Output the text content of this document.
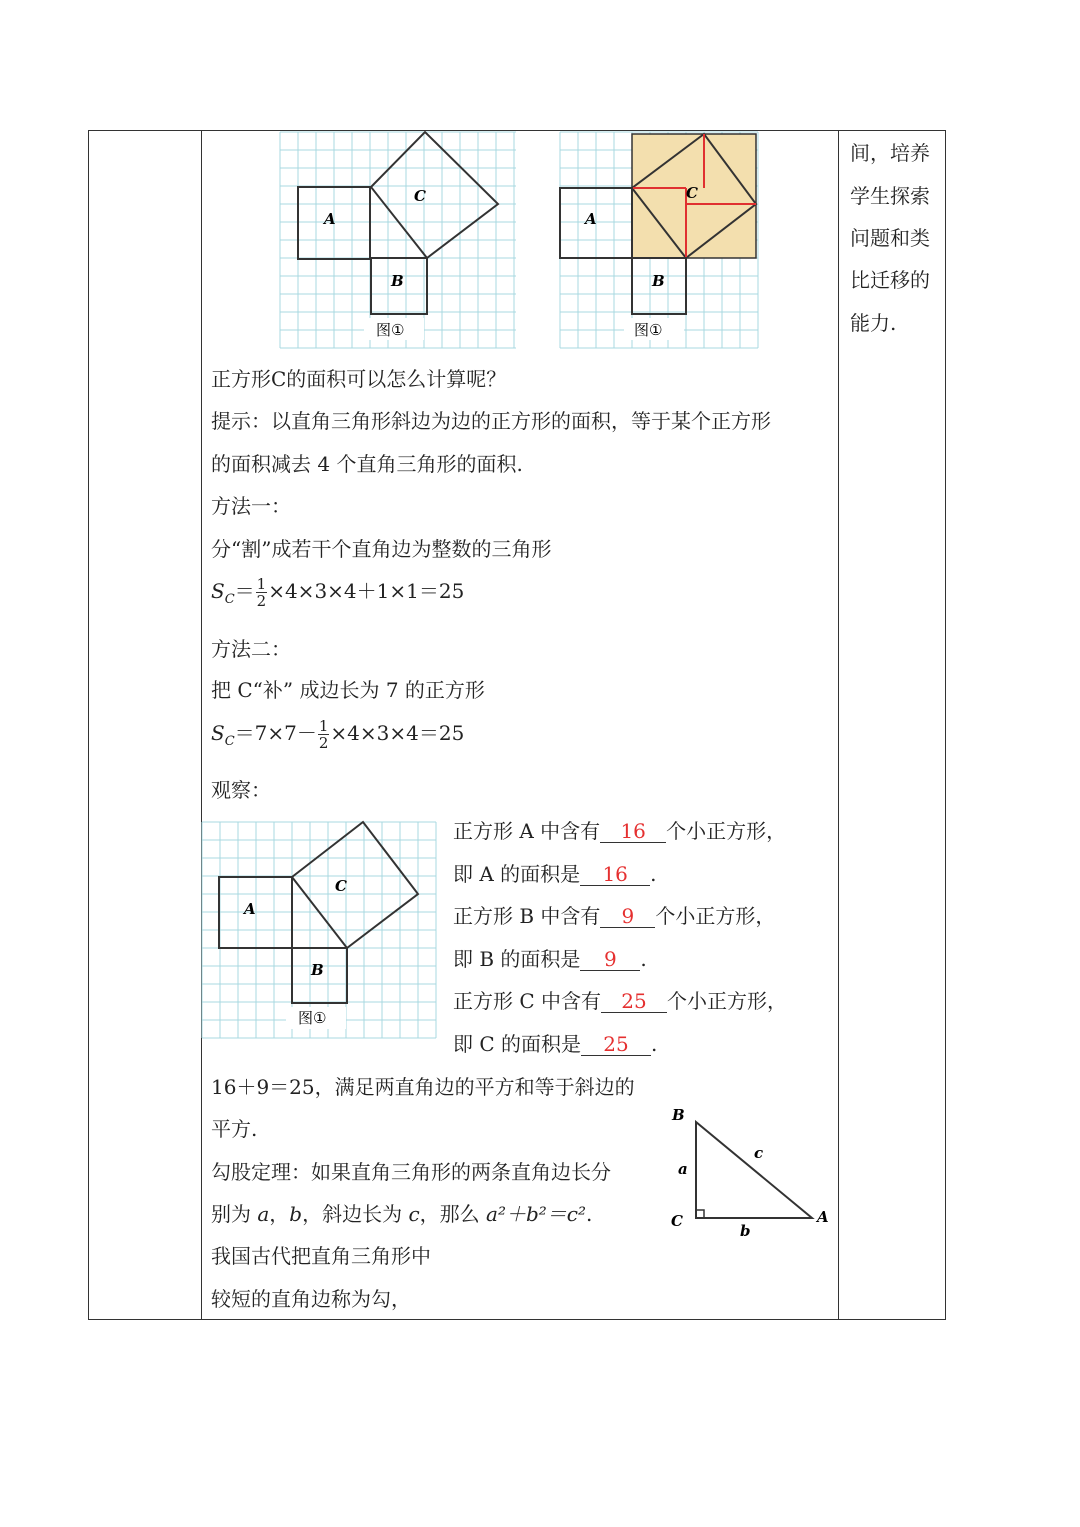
间，培养
学生探索
问题和类
比迁移的
能力.
A
C
B
图①
A
C
B
图①
正方形C的面积可以怎么计算呢？
提示：以直角三角形斜边为边的正方形的面积，等于某个正方形
的面积减去 4 个直角三角形的面积.
方法一：
分“割”成若干个直角边为整数的三角形
$S_C= \frac{1}{2} \times 4\times 3\times 4+1\times 1=25$
方法二：
把 C“补” 成边长为 7 的正方形
$S_C=7\times 7- \frac{1}{2} \times 4\times 3\times 4=25$
观察：
A
C
B
图①
正方形 A 中含有 16 个小正方形，
即 A 的面积是 16 .
正方形 B 中含有 9 个小正方形，
即 B 的面积是 9 .
正方形 C 中含有 25 个小正方形，
即 C 的面积是 25 .
16＋9＝25，满足两直角边的平方和等于斜边的
平方.
勾股定理：如果直角三角形的两条直角边长分
别为 a，b，斜边长为 c，那么 a²＋b²＝c².
我国古代把直角三角形中
较短的直角边称为勾，
B
C	A
a
b
c
